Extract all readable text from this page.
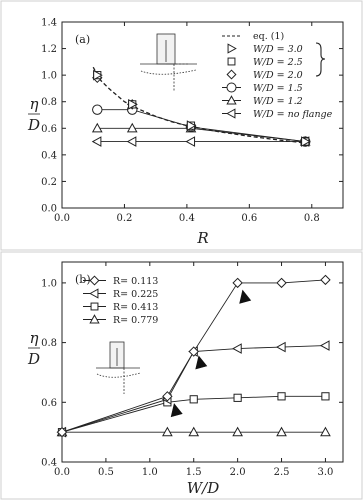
0.0	0.2	0.4	0.6	0.8
0.0
0.2
0.4
0.6
0.8
1.0
1.2
1.4
(a)
η
D
R
eq. (1)
W/D = 3.0
W/D = 2.5
W/D = 2.0
W/D = 1.5
W/D = 1.2
W/D = no flange
0.0	0.5	1.0	1.5	2.0	2.5	3.0
0.4
0.6
0.8
1.0 (b)
η
D
W/D
R= 0.113
R= 0.225
R= 0.413
R= 0.779
